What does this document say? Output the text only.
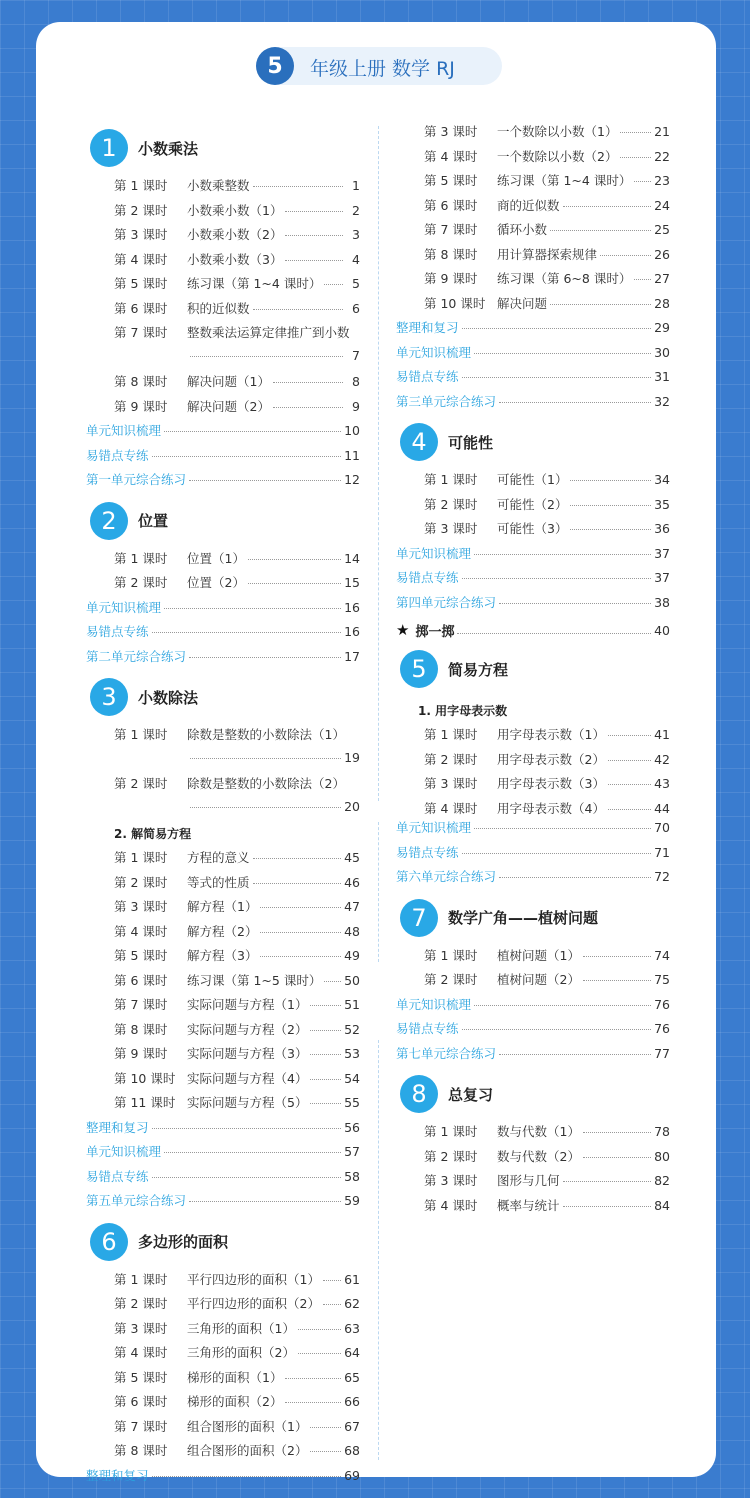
5	年级上册 数学 RJ
1	小数乘法
第 1 课时	小数乘整数	1
第 2 课时	小数乘小数（1）	2
第 3 课时	小数乘小数（2）	3
第 4 课时	小数乘小数（3）	4
第 5 课时	练习课（第 1~4 课时）	5
第 6 课时	积的近似数	6
第 7 课时	整数乘法运算定律推广到小数
7
第 8 课时	解决问题（1）	8
第 9 课时	解决问题（2）	9
单元知识梳理	10
易错点专练	11
第一单元综合练习	12
2	位置
第 1 课时	位置（1）	14
第 2 课时	位置（2）	15
单元知识梳理	16
易错点专练	16
第二单元综合练习	17
3	小数除法
第 1 课时	除数是整数的小数除法（1）
19
第 2 课时	除数是整数的小数除法（2）
20
第 3 课时	一个数除以小数（1）	21
第 4 课时	一个数除以小数（2）	22
第 5 课时	练习课（第 1~4 课时） 23
第 6 课时	商的近似数	24
第 7 课时	循环小数	25
第 8 课时	用计算器探索规律	26
第 9 课时	练习课（第 6~8 课时） 27
第 10 课时 解决问题	28
整理和复习	29
单元知识梳理	30
易错点专练	31
第三单元综合练习	32
4	可能性
第 1 课时	可能性（1）	34
第 2 课时	可能性（2）	35
第 3 课时	可能性（3）	36
单元知识梳理	37
易错点专练	37
第四单元综合练习	38
★ 掷一掷	40
5	简易方程
1. 用字母表示数
第 1 课时	用字母表示数（1）	41
第 2 课时	用字母表示数（2）	42
第 3 课时	用字母表示数（3）	43
第 4 课时	用字母表示数（4）	44
2. 解简易方程
第 1 课时	方程的意义	45
第 2 课时	等式的性质	46
第 3 课时	解方程（1）	47
第 4 课时	解方程（2）	48
第 5 课时	解方程（3）	49
第 6 课时	练习课（第 1~5 课时） 50
第 7 课时	实际问题与方程（1）	51
第 8 课时	实际问题与方程（2）	52
第 9 课时	实际问题与方程（3）	53
第 10 课时 实际问题与方程（4）	54
第 11 课时 实际问题与方程（5）	55
整理和复习	56
单元知识梳理	57
易错点专练	58
第五单元综合练习	59
6	多边形的面积
第 1 课时	平行四边形的面积（1） 61
第 2 课时	平行四边形的面积（2） 62
第 3 课时	三角形的面积（1）	63
第 4 课时	三角形的面积（2）	64
第 5 课时	梯形的面积（1）	65
第 6 课时	梯形的面积（2）	66
第 7 课时	组合图形的面积（1）	67
第 8 课时	组合图形的面积（2）	68
整理和复习	69
单元知识梳理	70
易错点专练	71
第六单元综合练习	72
7	数学广角——植树问题
第 1 课时	植树问题（1）	74
第 2 课时	植树问题（2）	75
单元知识梳理	76
易错点专练	76
第七单元综合练习	77
8	总复习
第 1 课时	数与代数（1）	78
第 2 课时	数与代数（2）	80
第 3 课时	图形与几何	82
第 4 课时	概率与统计	84
